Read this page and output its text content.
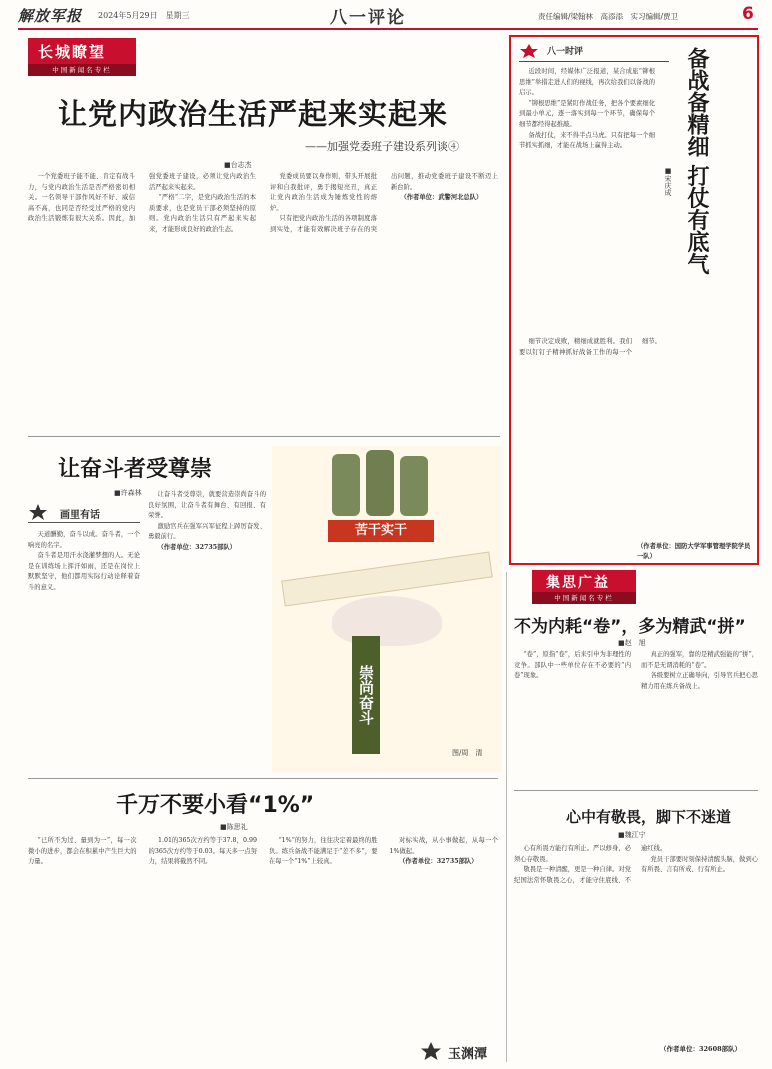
解放军报 2024年5月29日　星期三	八一评论	责任编辑/梁翰林　高添添　实习编辑/贾卫	6
长城瞭望
中国新闻名专栏
让党内政治生活严起来实起来
——加强党委班子建设系列谈④
■台志杰

一个党委班子能不能、肯定有战斗力，与党内政治生活是否严格密切相关。一名领导干部作风好不好、威信高不高，也同是否经受过严格的党内政治生活锻炼有很大关系。因此，加强党委班子建设，必须让党内政治生活严起来实起来。

“严格”二字，是党内政治生活的本质要求，也是党员干部必须坚持的原则。党内政治生活只有严起来实起来，才能形成良好的政治生态。

党委成员要以身作则，带头开展批评和自我批评，勇于揭短亮丑，真正让党内政治生活成为锤炼党性的熔炉。

只有把党内政治生活的各项制度落到实处，才能有效解决班子存在的突出问题，推动党委班子建设不断迈上新台阶。

（作者单位：武警河北总队）

八一时评	备战备精细 打仗有底气
■宋庆成

近段时间，经媒体广泛报道，某合成旅“铆根思维”举措走进人们的视线，再次给我们以备战的启示。

“铆根思维”是紧盯作战任务，把各个要素细化到最小单元，逐一落实到每一个环节，确保每个细节都经得起推敲。

备战打仗，来不得半点马虎。只有把每一个细节抓实抓细，才能在战场上赢得主动。

细节决定成败，精细成就胜利。我们要以钉钉子精神抓好战备工作的每一个细节。

（作者单位：国防大学军事管理学院学员一队）
让奋斗者受尊崇
■许森林
画里有话

天道酬勤，奋斗以成。奋斗者，一个响亮的名字。

奋斗者是用汗水浇灌梦想的人。无论是在训练场上挥汗如雨，还是在岗位上默默坚守，他们都用实际行动诠释着奋斗的意义。

让奋斗者受尊崇，就要营造崇尚奋斗的良好氛围，让奋斗者有舞台、有回报、有荣誉。

激励官兵在强军兴军征程上踔厉奋发、勇毅前行。

（作者单位：32735部队）

苦干实干
崇尚奋斗
图/周　清
集思广益
中国新闻名专栏
不为内耗“卷”，多为精武“拼”
■赵　旭

“卷”，原指“卷”，后来引申为非理性的竞争。部队中一些单位存在不必要的“内卷”现象。

真正的强军，靠的是精武强能的“拼”，而不是无谓消耗的“卷”。

各级要树立正确导向，引导官兵把心思精力用在练兵备战上。

千万不要小看“1%”
■陈思礼

“已所不为过、量到为一”，每一次微小的进步，都会在积累中产生巨大的力量。

1.01的365次方约等于37.8，0.99的365次方约等于0.03。每天多一点努力，结果将截然不同。

“1%”的努力，往往决定着最终的胜负。练兵备战不能满足于“差不多”，要在每一个“1%”上较真。

对标实战，从小事做起，从每一个1%做起。

（作者单位：32735部队）

心中有敬畏，脚下不迷道
■魏江宁

心有所畏方能行有所止。严以修身，必须心存敬畏。

敬畏是一种清醒，更是一种自律。对党纪国法常怀敬畏之心，才能守住底线、不逾红线。

党员干部要时刻保持清醒头脑，做到心有所畏、言有所戒、行有所止。

（作者单位：32608部队）
玉渊潭
